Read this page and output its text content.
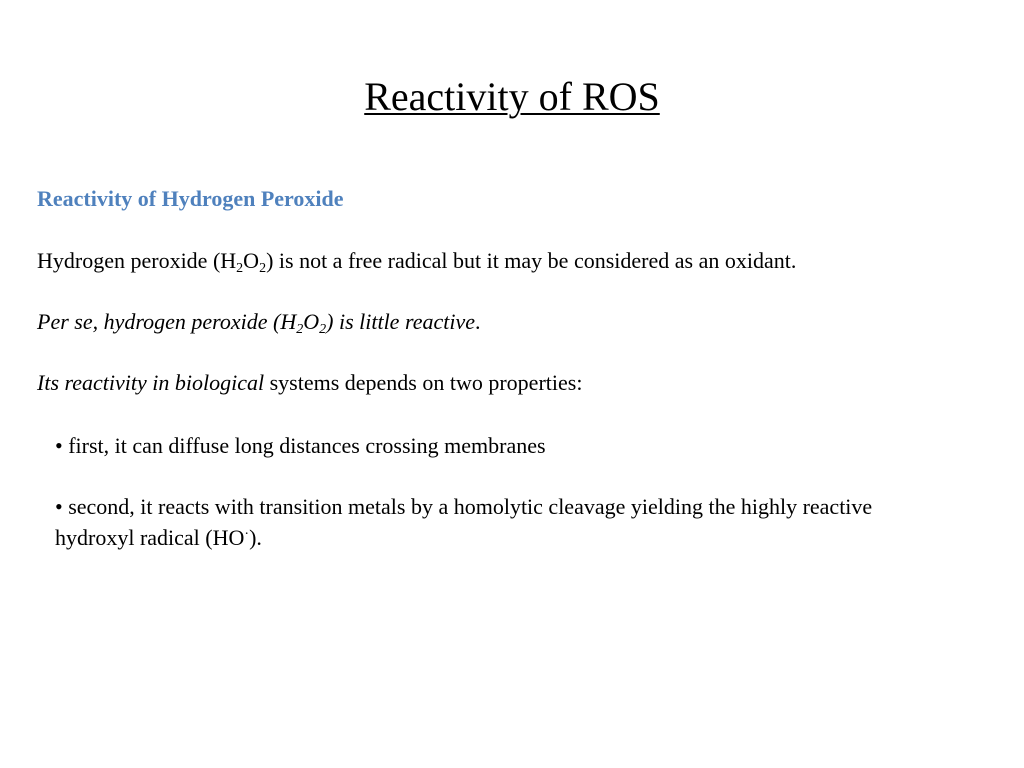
Reactivity of ROS
Reactivity of Hydrogen Peroxide
Hydrogen peroxide $(H_2O_2)$ is not a free radical but it may be considered as an oxidant.
Per se, hydrogen peroxide $(H_2O_2)$ is little reactive.
Its reactivity in biological systems depends on two properties:
• first, it can diffuse long distances crossing membranes
• second, it reacts with transition metals by a homolytic cleavage yielding the highly reactive hydroxyl radical (HO·).
